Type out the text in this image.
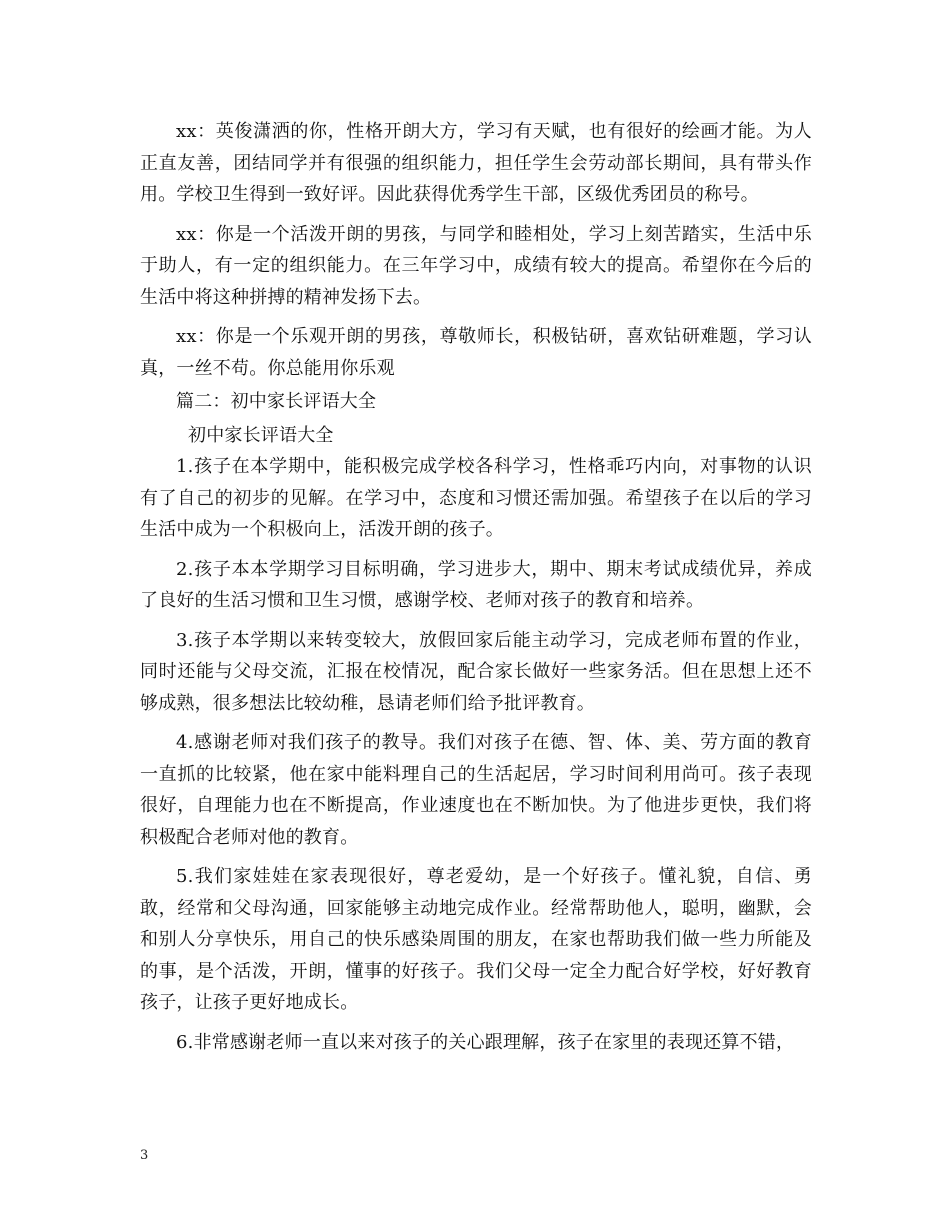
xx：英俊潇洒的你，性格开朗大方，学习有天赋，也有很好的绘画才能。为人正直友善，团结同学并有很强的组织能力，担任学生会劳动部长期间，具有带头作用。学校卫生得到一致好评。因此获得优秀学生干部，区级优秀团员的称号。

xx：你是一个活泼开朗的男孩，与同学和睦相处，学习上刻苦踏实，生活中乐于助人，有一定的组织能力。在三年学习中，成绩有较大的提高。希望你在今后的生活中将这种拼搏的精神发扬下去。

xx：你是一个乐观开朗的男孩，尊敬师长，积极钻研，喜欢钻研难题，学习认真，一丝不苟。你总能用你乐观

篇二：初中家长评语大全

初中家长评语大全

1.孩子在本学期中，能积极完成学校各科学习，性格乖巧内向，对事物的认识有了自己的初步的见解。在学习中，态度和习惯还需加强。希望孩子在以后的学习生活中成为一个积极向上，活泼开朗的孩子。

2.孩子本本学期学习目标明确，学习进步大，期中、期末考试成绩优异，养成了良好的生活习惯和卫生习惯，感谢学校、老师对孩子的教育和培养。

3.孩子本学期以来转变较大，放假回家后能主动学习，完成老师布置的作业，同时还能与父母交流，汇报在校情况，配合家长做好一些家务活。但在思想上还不够成熟，很多想法比较幼稚，恳请老师们给予批评教育。

4.感谢老师对我们孩子的教导。我们对孩子在德、智、体、美、劳方面的教育一直抓的比较紧，他在家中能料理自己的生活起居，学习时间利用尚可。孩子表现很好，自理能力也在不断提高，作业速度也在不断加快。为了他进步更快，我们将积极配合老师对他的教育。

5.我们家娃娃在家表现很好，尊老爱幼，是一个好孩子。懂礼貌，自信、勇敢，经常和父母沟通，回家能够主动地完成作业。经常帮助他人，聪明，幽默，会和别人分享快乐，用自己的快乐感染周围的朋友，在家也帮助我们做一些力所能及的事，是个活泼，开朗，懂事的好孩子。我们父母一定全力配合好学校，好好教育孩子，让孩子更好地成长。

6.非常感谢老师一直以来对孩子的关心跟理解，孩子在家里的表现还算不错，

3
